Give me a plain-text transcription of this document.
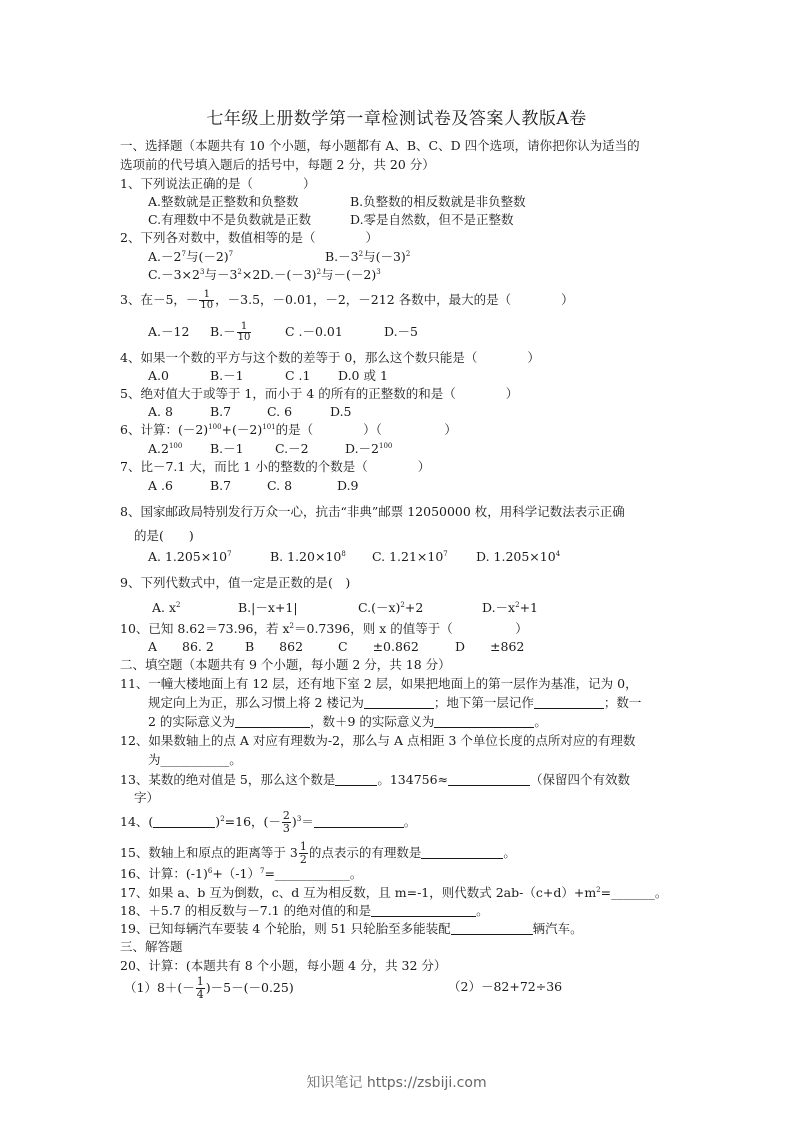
七年级上册数学第一章检测试卷及答案人教版A卷
一、选择题（本题共有 10 个小题，每小题都有 A、B、C、D 四个选项，请你把你认为适当的
选项前的代号填入题后的括号中，每题 2 分，共 20 分）
1、下列说法正确的是（　　　　）
A.整数就是正整数和负整数	B.负整数的相反数就是非负整数
C.有理数中不是负数就是正数	D.零是自然数，但不是正整数
2、下列各对数中，数值相等的是（　　　　）
$A.-2^7$与$(-2)^7$	$B.-3^2$与$(-3)^2$
$C.-3\times 2^3$与$-3^2\times 2D.-(-3)^2$与$-(-2)^3$
3、在－5，－ $\frac{1}{10}$ ，－3.5，－0.01，－2，－212 各数中，最大的是（　　　　）
A.－12 $B.- \frac{1}{10}$	C .－0.01	D.－5
4、如果一个数的平方与这个数的差等于 0，那么这个数只能是（　　　　）
A.0	B.－1	C .1 D.0 或 1
5、绝对值大于或等于 1，而小于 4 的所有的正整数的和是（　　　　）
A. 8	B.7	C. 6	D.5
6、计算：$(-2)^{100}+(-2)^{101}$的是（　　　　）（　　　　　）
$A.2^{100}$ B.－1	C.－2	$D.-2^{100}$
7、比－7.1 大，而比 1 小的整数的个数是（　　　　）
A .6	B.7	C. 8	D.9
8、国家邮政局特别发行万众一心，抗击“非典”邮票 12050000 枚，用科学记数法表示正确
的是(　　)
A. $1.205\times 10^7$	B. $1.20\times 10^8$ C. $1.21\times 10^7$ D. $1.205\times 10^4$
9、下列代数式中，值一定是正数的是(　)
A. $x^2$	B.|－x+1|	$C.(-x)^2+2$	$D.-x^2+1$
10、已知 8.62＝73.96，若 $x^2=0.7396$，则 x 的值等于（　　　　　）
A　　86. 2 B　　862	C　　±0.862	D　　±862
二、填空题（本题共有 9 个小题，每小题 2 分，共 18 分）
11、一幢大楼地面上有 12 层，还有地下室 2 层，如果把地面上的第一层作为基准，记为 0，
规定向上为正，那么习惯上将 2 楼记为	；地下第一层记作	；数一
2 的实际意义为	，数＋9 的实际意义为	。
12、如果数轴上的点 A 对应有理数为-2，那么与 A 点相距 3 个单位长度的点所对应的有理数
为___________。
13、某数的绝对值是 5，那么这个数是	。134756≈	（保留四个有效数
字）
14、(	)$^2$=16，(－ $\frac{2}{3} )^3=$	。
15、数轴上和原点的距离等于 $3 \frac{1}{2}$ 的点表示的有理数是	。
16、计算：$(-1)^6+(-1)^7=\_\_\_\_\_\_\_\_\_\_\_\_$。
17、如果 a、b 互为倒数，c、d 互为相反数，且 m=-1，则代数式 $2ab-(c+d)+m^2=\_\_\_\_\_\_\_$。
18、＋5.7 的相反数与－7.1 的绝对值的和是	。
19、已知每辆汽车要装 4 个轮胎，则 51 只轮胎至多能装配	辆汽车。
三、解答题
20、计算：(本题共有 8 个小题，每小题 4 分，共 32 分）
$(1)8+(- \frac{1}{4} )-5-(-0.25)$	（2）－82+72÷36
知识笔记 https://zsbiji.com
